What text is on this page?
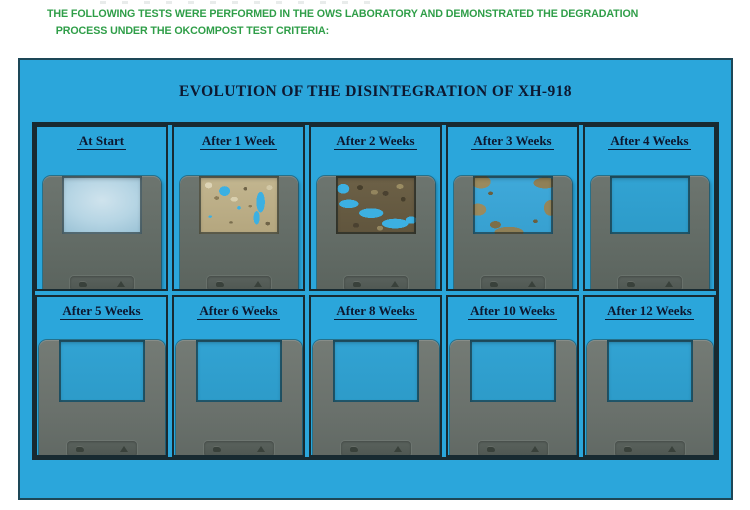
THE FOLLOWING TESTS WERE PERFORMED IN THE OWS LABORATORY AND DEMONSTRATED THE DEGRADATION
PROCESS UNDER THE OKCOMPOST TEST CRITERIA:
EVOLUTION OF THE DISINTEGRATION OF XH-918
At Start	After 1 Week	After 2 Weeks	After 3 Weeks	After 4 Weeks
After 5 Weeks	After 6 Weeks	After 8 Weeks	After 10 Weeks	After 12 Weeks
